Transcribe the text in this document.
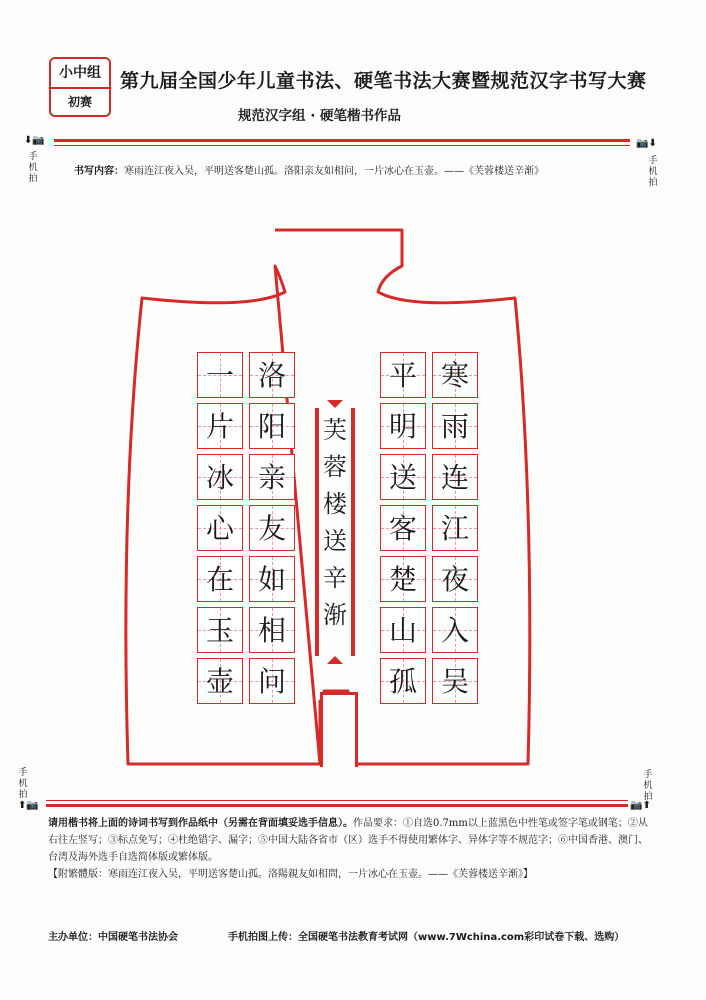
小中组
初赛
第九届全国少年儿童书法、硬笔书法大赛暨规范汉字书写大赛
规范汉字组 · 硬笔楷书作品
⬇📷
手机拍
📷⬇
手机拍
书写内容：寒雨连江夜入吴，平明送客楚山孤。洛阳亲友如相问，一片冰心在玉壶。——《芙蓉楼送辛渐》
寒
雨
连
江
夜
入
吴
平
明
送
客
楚
山
孤
洛
阳
亲
友
如
相
问
一
片
冰
心
在
玉
壶
芙蓉楼送辛渐
手机拍
⬆📷
手机拍
📷⬆
请用楷书将上面的诗词书写到作品纸中（另需在背面填妥选手信息）。作品要求：①自选0.7mm以上蓝黑色中性笔或签字笔或钢笔；②从右往左竖写；③标点免写；④杜绝错字、漏字；⑤中国大陆各省市（区）选手不得使用繁体字、异体字等不规范字；⑥中国香港、澳门、台湾及海外选手自选简体版或繁体版。
【附繁體版：寒雨连江夜入吴，平明送客楚山孤。洛陽親友如相問，一片冰心在玉壶。——《芙蓉楼送辛渐》】
主办单位：中国硬笔书法协会	手机拍图上传：全国硬笔书法教育考试网（www.7Wchina.com彩印试卷下载、选购）
